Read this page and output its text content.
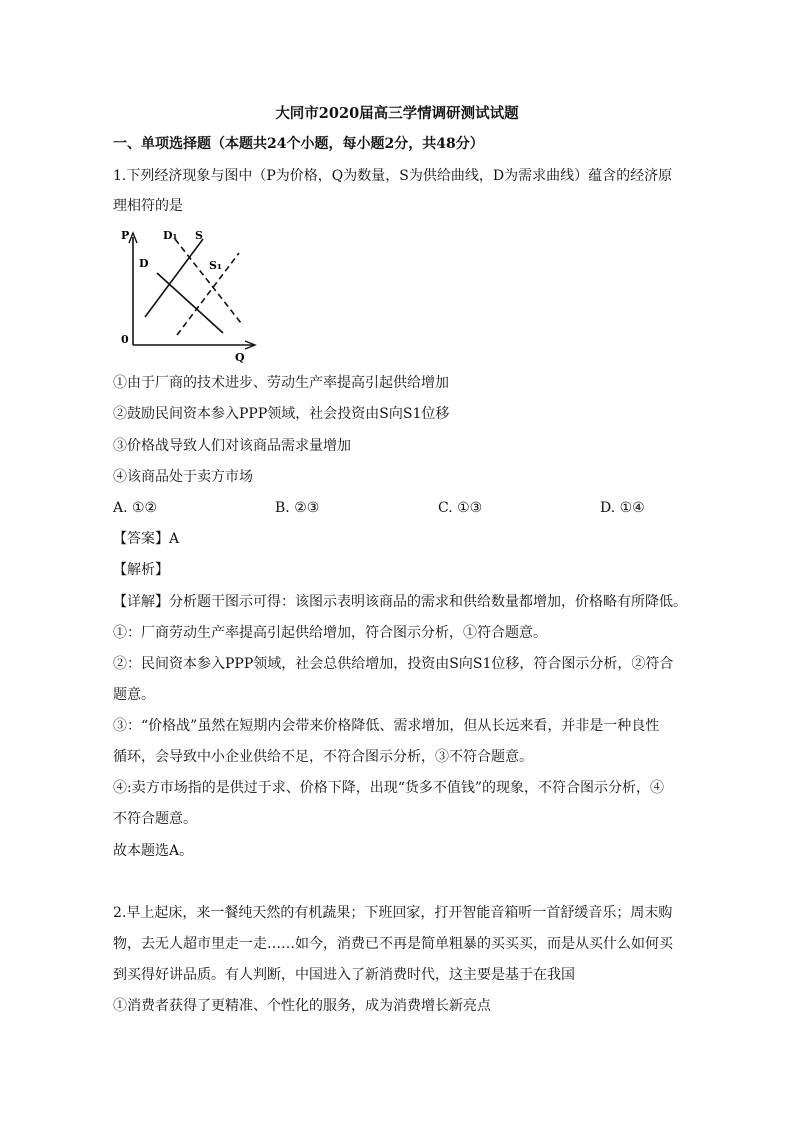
大同市2020届高三学情调研测试试题
一、单项选择题（本题共24个小题，每小题2分，共48分）
1.下列经济现象与图中（P为价格，Q为数量，S为供给曲线，D为需求曲线）蕴含的经济原
理相符的是
P
0
Q
D
D₁ S
S₁
①由于厂商的技术进步、劳动生产率提高引起供给增加
②鼓励民间资本参入PPP领域，社会投资由S向S1位移
③价格战导致人们对该商品需求量增加
④该商品处于卖方市场
A. ①②	B. ②③	C. ①③	D. ①④
【答案】A
【解析】
【详解】分析题干图示可得：该图示表明该商品的需求和供给数量都增加，价格略有所降低。
①：厂商劳动生产率提高引起供给增加，符合图示分析，①符合题意。
②：民间资本参入PPP领域，社会总供给增加，投资由S向S1位移，符合图示分析，②符合
题意。
③：“价格战”虽然在短期内会带来价格降低、需求增加，但从长远来看，并非是一种良性
循环，会导致中小企业供给不足，不符合图示分析，③不符合题意。
④:卖方市场指的是供过于求、价格下降，出现“货多不值钱”的现象，不符合图示分析，④
不符合题意。
故本题选A。
2.早上起床，来一餐纯天然的有机蔬果；下班回家，打开智能音箱听一首舒缓音乐；周末购
物，去无人超市里走一走……如今，消费已不再是简单粗暴的买买买，而是从买什么如何买
到买得好讲品质。有人判断，中国进入了新消费时代，这主要是基于在我国
①消费者获得了更精准、个性化的服务，成为消费增长新亮点
